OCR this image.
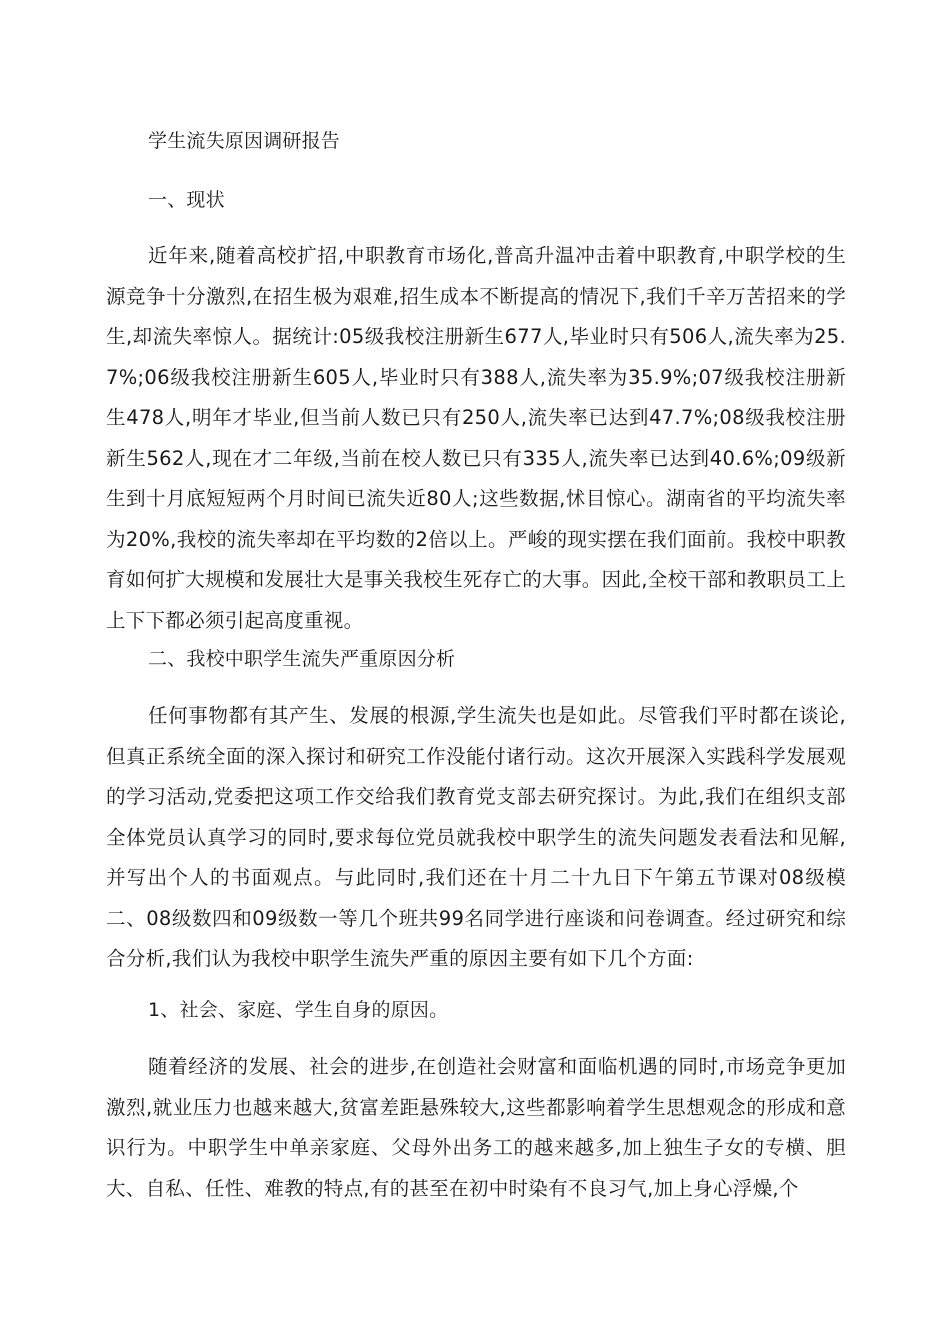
学生流失原因调研报告
一、现状
近年来,随着高校扩招,中职教育市场化,普高升温冲击着中职教育,中职学校的生源竞争十分激烈,在招生极为艰难,招生成本不断提高的情况下,我们千辛万苦招来的学生,却流失率惊人。据统计:05级我校注册新生677人,毕业时只有506人,流失率为25.7%;06级我校注册新生605人,毕业时只有388人,流失率为35.9%;07级我校注册新生478人,明年才毕业,但当前人数已只有250人,流失率已达到47.7%;08级我校注册新生562人,现在才二年级,当前在校人数已只有335人,流失率已达到40.6%;09级新生到十月底短短两个月时间已流失近80人;这些数据,怵目惊心。湖南省的平均流失率为20%,我校的流失率却在平均数的2倍以上。严峻的现实摆在我们面前。我校中职教育如何扩大规模和发展壮大是事关我校生死存亡的大事。因此,全校干部和教职员工上上下下都必须引起高度重视。
二、我校中职学生流失严重原因分析
任何事物都有其产生、发展的根源,学生流失也是如此。尽管我们平时都在谈论,但真正系统全面的深入探讨和研究工作没能付诸行动。这次开展深入实践科学发展观的学习活动,党委把这项工作交给我们教育党支部去研究探讨。为此,我们在组织支部全体党员认真学习的同时,要求每位党员就我校中职学生的流失问题发表看法和见解,并写出个人的书面观点。与此同时,我们还在十月二十九日下午第五节课对08级模二、08级数四和09级数一等几个班共99名同学进行座谈和问卷调查。经过研究和综合分析,我们认为我校中职学生流失严重的原因主要有如下几个方面:
1、社会、家庭、学生自身的原因。
随着经济的发展、社会的进步,在创造社会财富和面临机遇的同时,市场竞争更加激烈,就业压力也越来越大,贫富差距悬殊较大,这些都影响着学生思想观念的形成和意识行为。中职学生中单亲家庭、父母外出务工的越来越多,加上独生子女的专横、胆大、自私、任性、难教的特点,有的甚至在初中时染有不良习气,加上身心浮燥,个
